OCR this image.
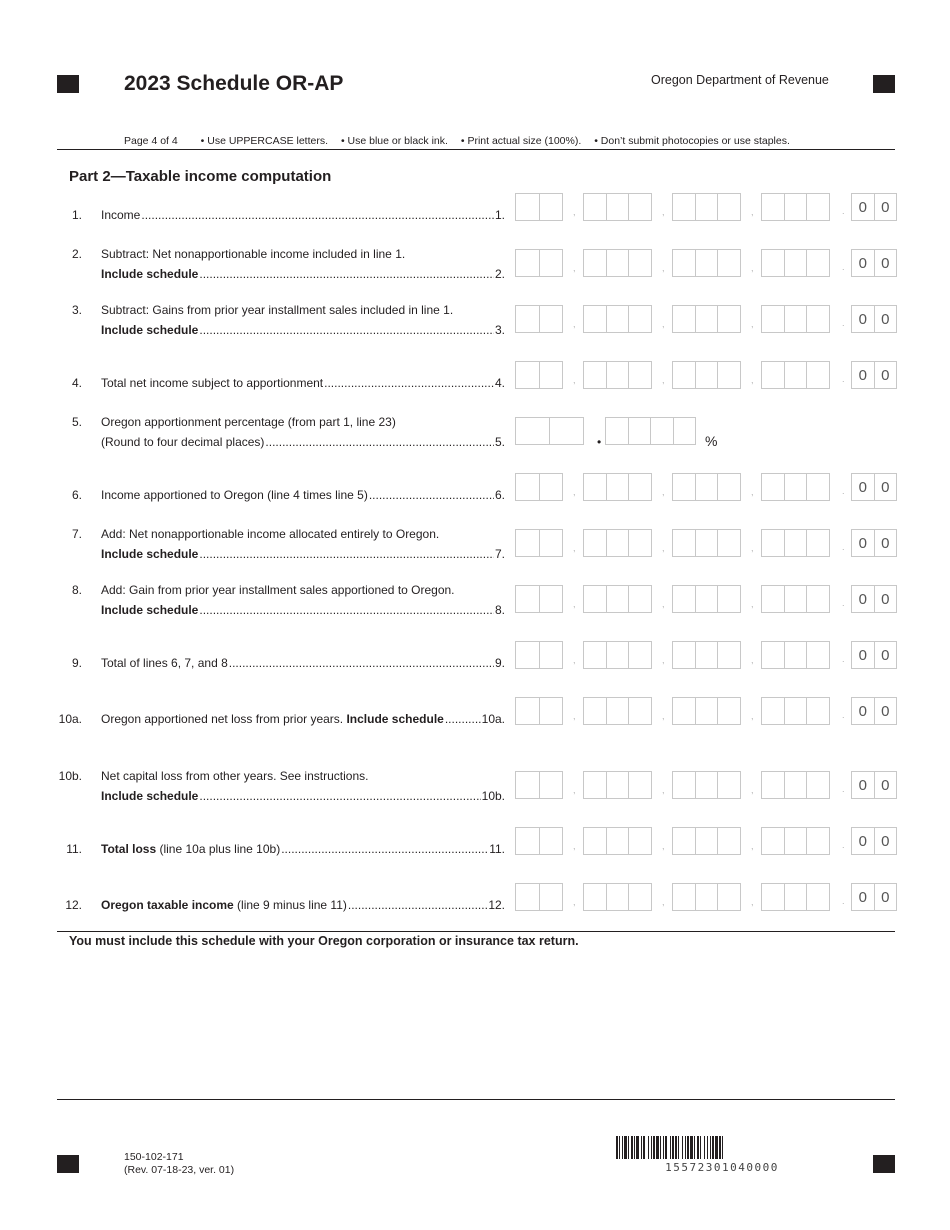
2023 Schedule OR-AP	Oregon Department of Revenue
Page 4 of 4 • Use UPPERCASE letters. • Use blue or black ink. • Print actual size (100%). • Don’t submit photocopies or use staples.
Part 2—Taxable income computation
1. Income .....	1.	,	,	,	. 0 0
2. Subtract: Net nonapportionable income included in line 1.
Include schedule .....	2.	,	,	,	. 0 0
3. Subtract: Gains from prior year installment sales included in line 1.
Include schedule .....	3.	,	,	,	. 0 0
4. Total net income subject to apportionment .....	4.	,	,	,	. 0 0
5. Oregon apportionment percentage (from part 1, line 23)
(Round to four decimal places) .....	5.	•	%
6. Income apportioned to Oregon (line 4 times line 5) .....	6.	,	,	,	. 0 0
7. Add: Net nonapportionable income allocated entirely to Oregon.
Include schedule .....	7.	,	,	,	. 0 0
8. Add: Gain from prior year installment sales apportioned to Oregon.
Include schedule .....	8.	,	,	,	. 0 0
9. Total of lines 6, 7, and 8 .....	9.	,	,	,	. 0 0
10a. Oregon apportioned net loss from prior years. Include schedule .....	10a.	,	,	,	. 0 0
10b. Net capital loss from other years. See instructions.
Include schedule .....	10b.	,	,	,	. 0 0
11. Total loss (line 10a plus line 10b) .....	11.	,	,	,	. 0 0
12. Oregon taxable income (line 9 minus line 11) .....	12.	,	,	,	. 0 0
You must include this schedule with your Oregon corporation or insurance tax return.
150-102-171
(Rev. 07-18-23, ver. 01)	15572301040000
